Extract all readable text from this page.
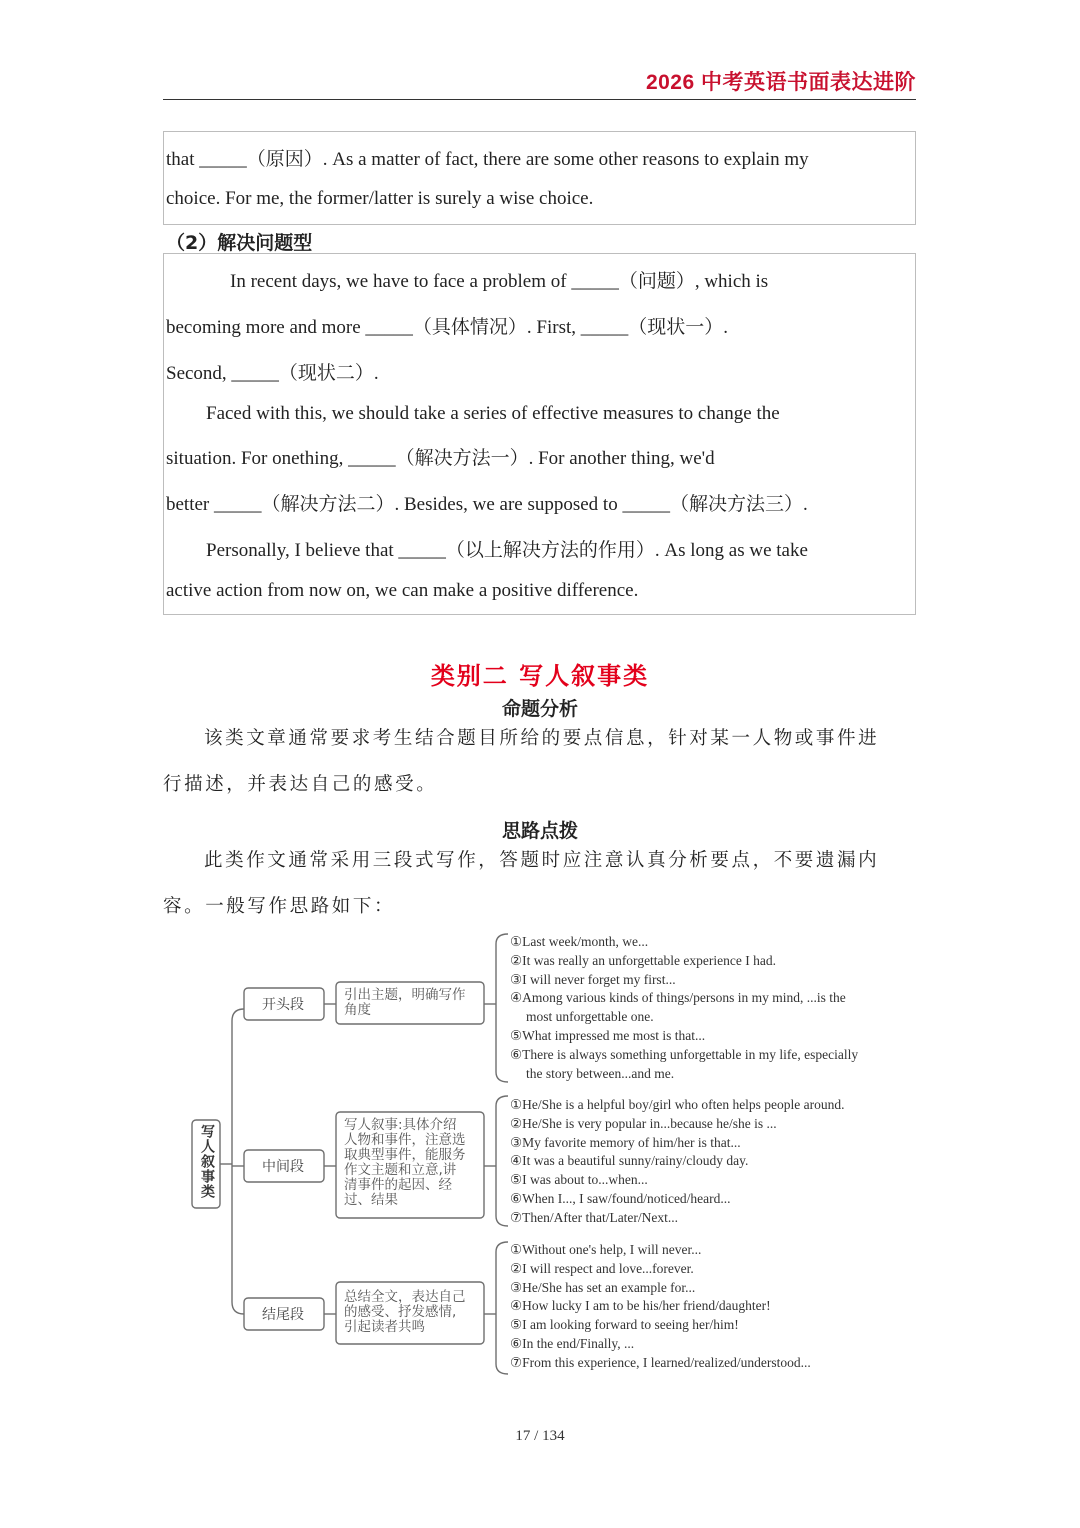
2026 中考英语书面表达进阶
that _____（原因）. As a matter of fact, there are some other reasons to explain my
choice. For me, the former/latter is surely a wise choice.
（2）解决问题型
In recent days, we have to face a problem of _____（问题）, which is
becoming more and more _____（具体情况）. First, _____（现状一）.
Second, _____（现状二）.
Faced with this, we should take a series of effective measures to change the
situation. For onething, _____（解决方法一）. For another thing, we'd
better _____（解决方法二）. Besides, we are supposed to _____（解决方法三）.
Personally, I believe that _____（以上解决方法的作用）. As long as we take
active action from now on, we can make a positive difference.
类别二 写人叙事类
命题分析
该类文章通常要求考生结合题目所给的要点信息，针对某一人物或事件进
行描述，并表达自己的感受。
思路点拨
此类作文通常采用三段式写作，答题时应注意认真分析要点，不要遗漏内
容。一般写作思路如下：
写人叙事类
开头段
中间段
结尾段
引出主题，明确写作
角度
写人叙事:具体介绍
人物和事件，注意选
取典型事件，能服务
作文主题和立意,讲
清事件的起因、经
过、结果
总结全文，表达自己
的感受、抒发感情,
引起读者共鸣
①Last week/month, we...
②It was really an unforgettable experience I had.
③I will never forget my first...
④Among various kinds of things/persons in my mind, ...is the
most unforgettable one.
⑤What impressed me most is that...
⑥There is always something unforgettable in my life, especially
the story between...and me.
①He/She is a helpful boy/girl who often helps people around.
②He/She is very popular in...because he/she is ...
③My favorite memory of him/her is that...
④It was a beautiful sunny/rainy/cloudy day.
⑤I was about to...when...
⑥When I..., I saw/found/noticed/heard...
⑦Then/After that/Later/Next...
①Without one's help, I will never...
②I will respect and love...forever.
③He/She has set an example for...
④How lucky I am to be his/her friend/daughter!
⑤I am looking forward to seeing her/him!
⑥In the end/Finally, ...
⑦From this experience, I learned/realized/understood...
17 / 134
